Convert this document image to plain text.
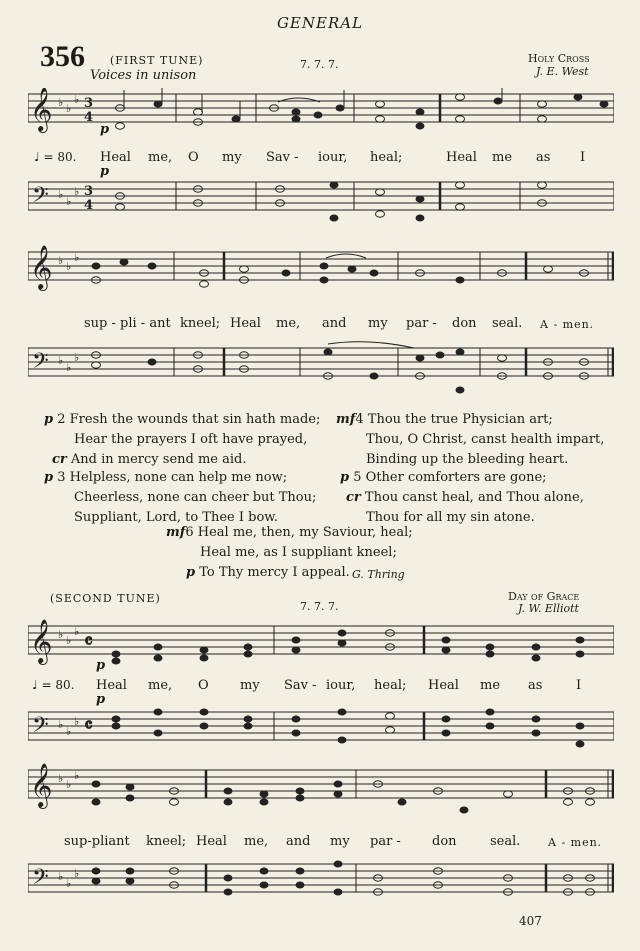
GENERAL
356 (FIRST TUNE)	7. 7. 7.	Holy Cross
J. E. West
Voices in unison
𝄞 ♭ ♭
♭ 3
4
p
♩ = 80. Heal me, O my Sav - iour, heal;	Heal me as I
p
𝄢 ♭
♭
♭ 3
4
𝄞 ♭ ♭
♭
sup - pli - ant kneel; Heal me, and my par - don seal. A - men.
𝄢 ♭
♭
♭
p 2 Fresh the wounds that sin hath made;
Hear the prayers I oft have prayed,
cr And in mercy send me aid.
p 3 Helpless, none can help me now;
Cheerless, none can cheer but Thou;
Suppliant, Lord, to Thee I bow.
mf4 Thou the true Physician art;
Thou, O Christ, canst health impart,
Binding up the bleeding heart.
p 5 Other comforters are gone;
cr Thou canst heal, and Thou alone,
Thou for all my sin atone.
mf6 Heal me, then, my Saviour, heal;
Heal me, as I suppliant kneel;
p To Thy mercy I appeal. G. Thring
(SECOND TUNE)
7. 7. 7.
Day of Grace
J. W. Elliott
𝄞 ♭ ♭
♭ 𝄴
p
♩ = 80. Heal me, O my Sav - iour, heal; Heal me as	I
p
𝄢 ♭
♭
♭ 𝄴
𝄞 ♭ ♭
♭
sup-pliant kneel; Heal me, and my par - don	seal.	A - men.
𝄢 ♭
♭
♭
407
